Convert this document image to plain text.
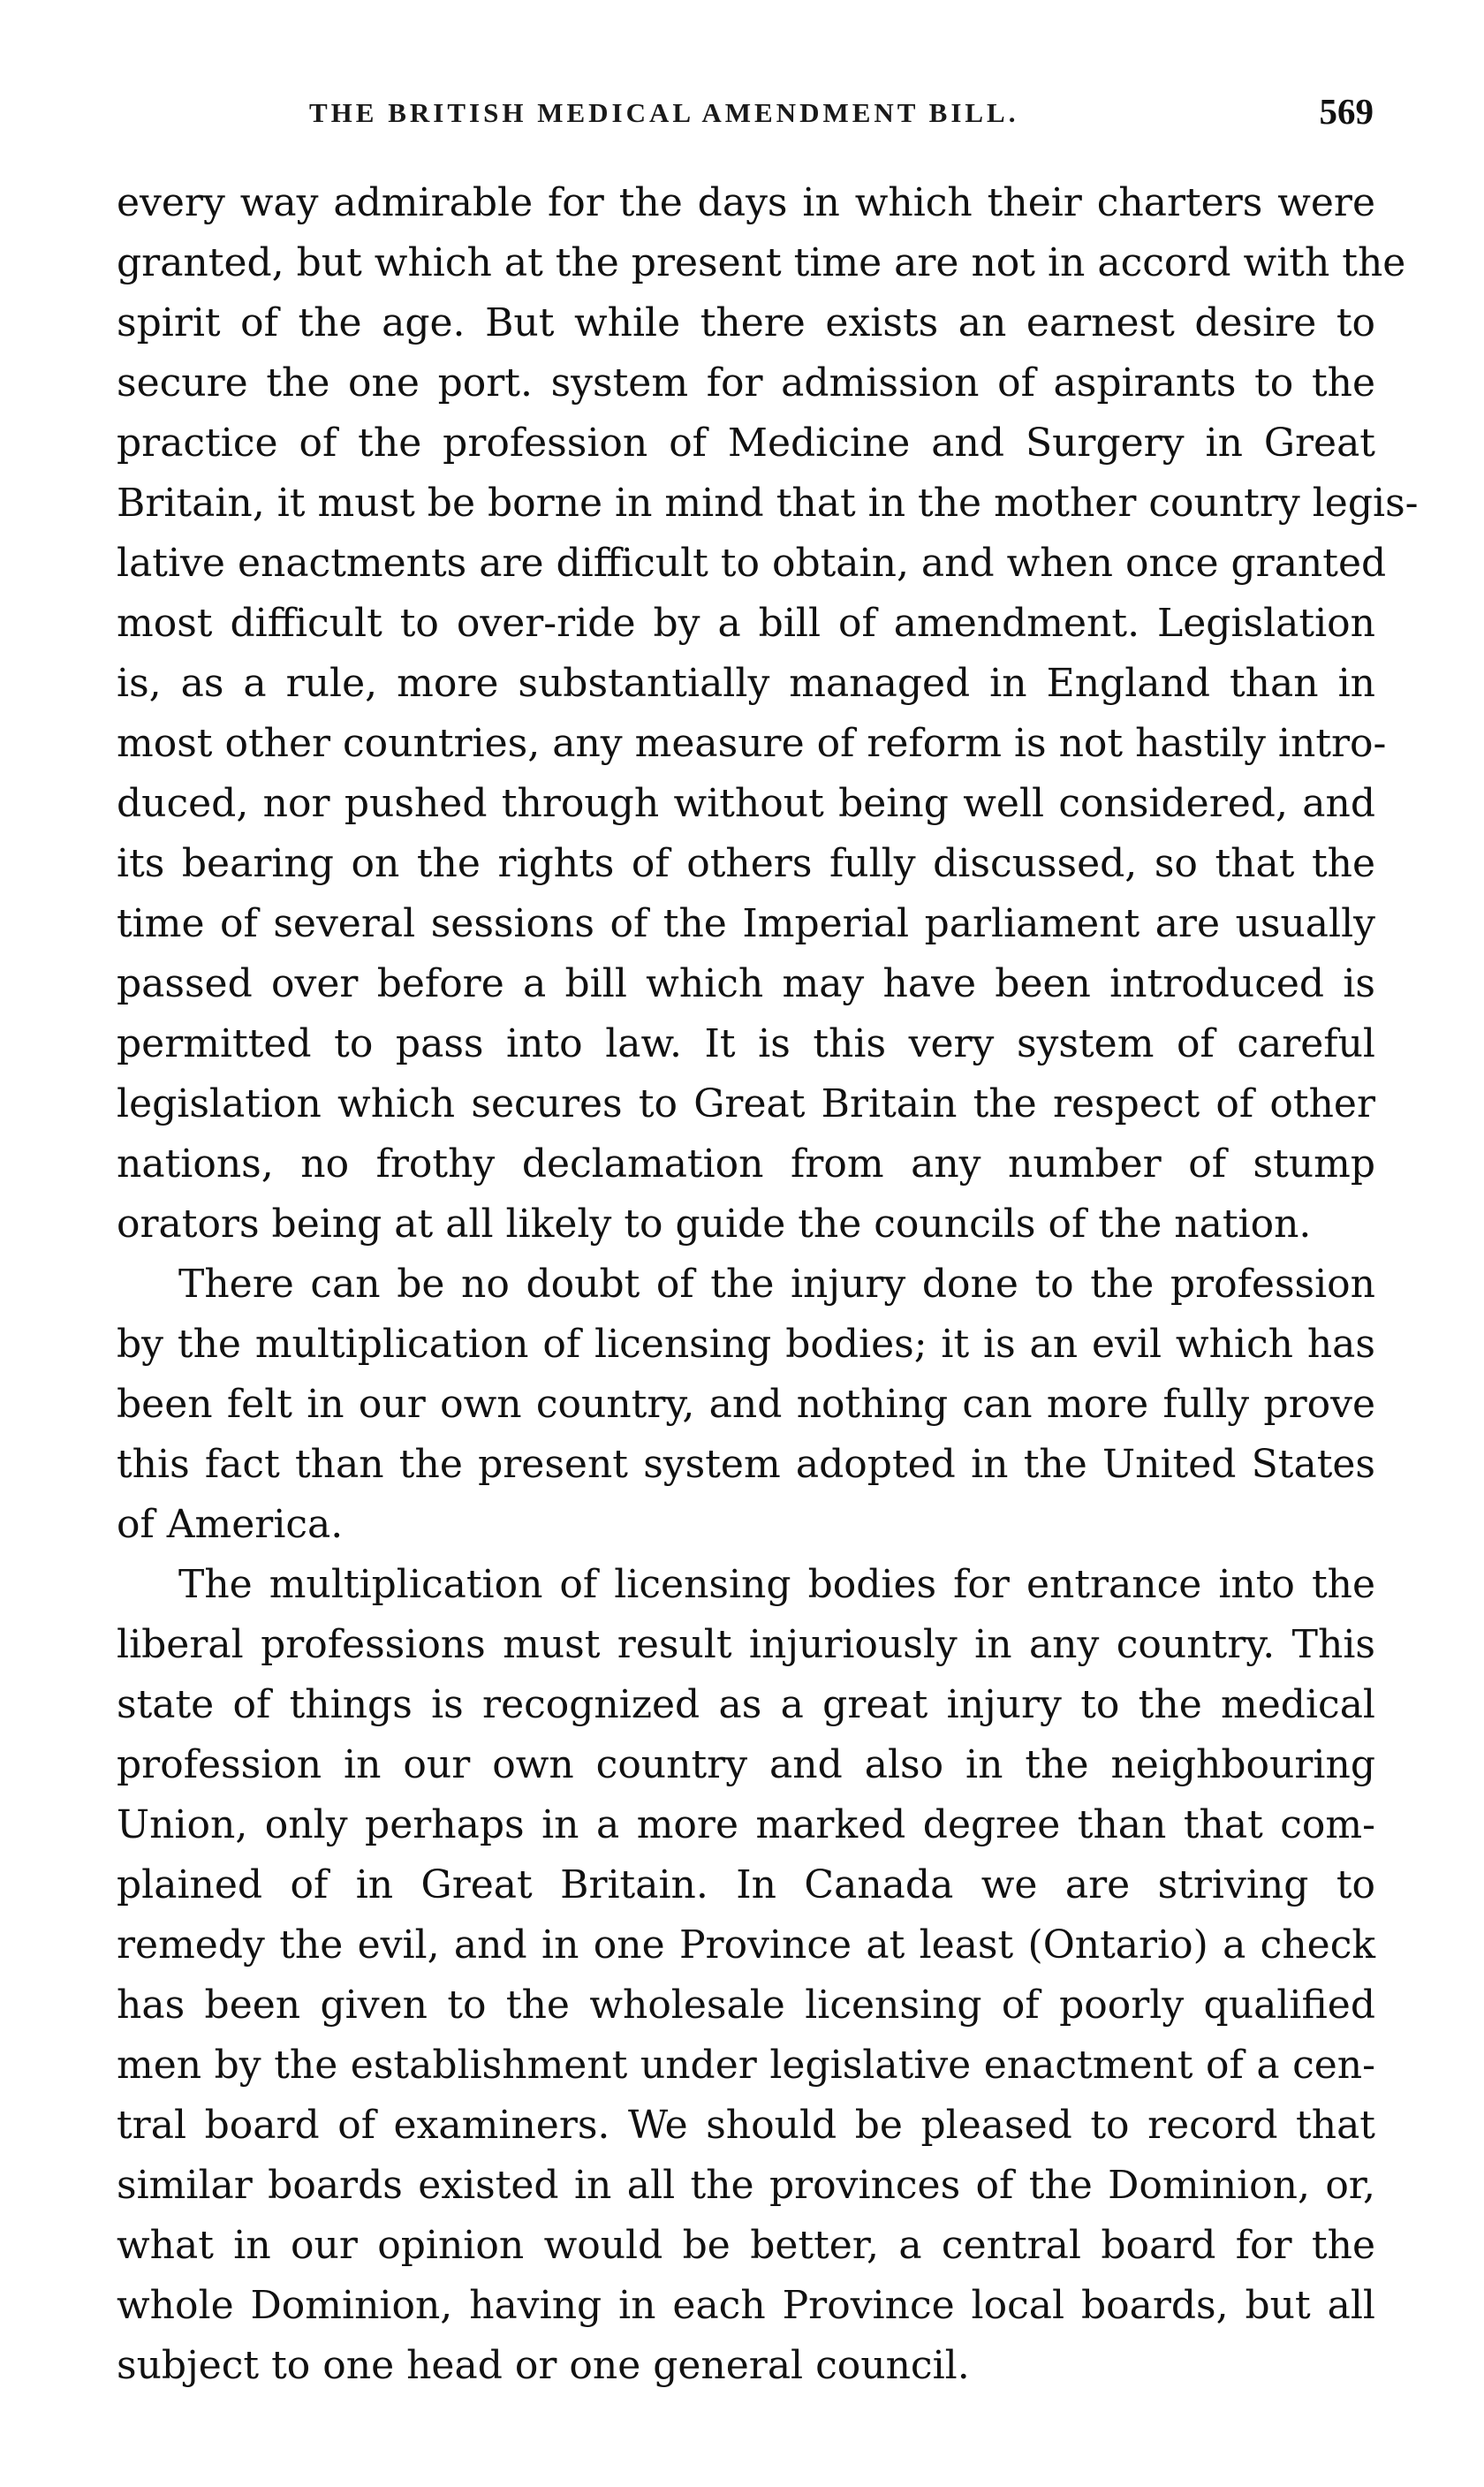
THE BRITISH MEDICAL AMENDMENT BILL.	569
every way admirable for the days in which their charters were
granted, but which at the present time are not in accord with the
spirit of the age. But while there exists an earnest desire to
secure the one port. system for admission of aspirants to the
practice of the profession of Medicine and Surgery in Great
Britain, it must be borne in mind that in the mother country legis-
lative enactments are difficult to obtain, and when once granted
most difficult to over-ride by a bill of amendment. Legislation
is, as a rule, more substantially managed in England than in
most other countries, any measure of reform is not hastily intro-
duced, nor pushed through without being well considered, and
its bearing on the rights of others fully discussed, so that the
time of several sessions of the Imperial parliament are usually
passed over before a bill which may have been introduced is
permitted to pass into law. It is this very system of careful
legislation which secures to Great Britain the respect of other
nations, no frothy declamation from any number of stump
orators being at all likely to guide the councils of the nation.
There can be no doubt of the injury done to the profession
by the multiplication of licensing bodies; it is an evil which has
been felt in our own country, and nothing can more fully prove
this fact than the present system adopted in the United States
of America.
The multiplication of licensing bodies for entrance into the
liberal professions must result injuriously in any country. This
state of things is recognized as a great injury to the medical
profession in our own country and also in the neighbouring
Union, only perhaps in a more marked degree than that com-
plained of in Great Britain. In Canada we are striving to
remedy the evil, and in one Province at least (Ontario) a check
has been given to the wholesale licensing of poorly qualified
men by the establishment under legislative enactment of a cen-
tral board of examiners. We should be pleased to record that
similar boards existed in all the provinces of the Dominion, or,
what in our opinion would be better, a central board for the
whole Dominion, having in each Province local boards, but all
subject to one head or one general council.
